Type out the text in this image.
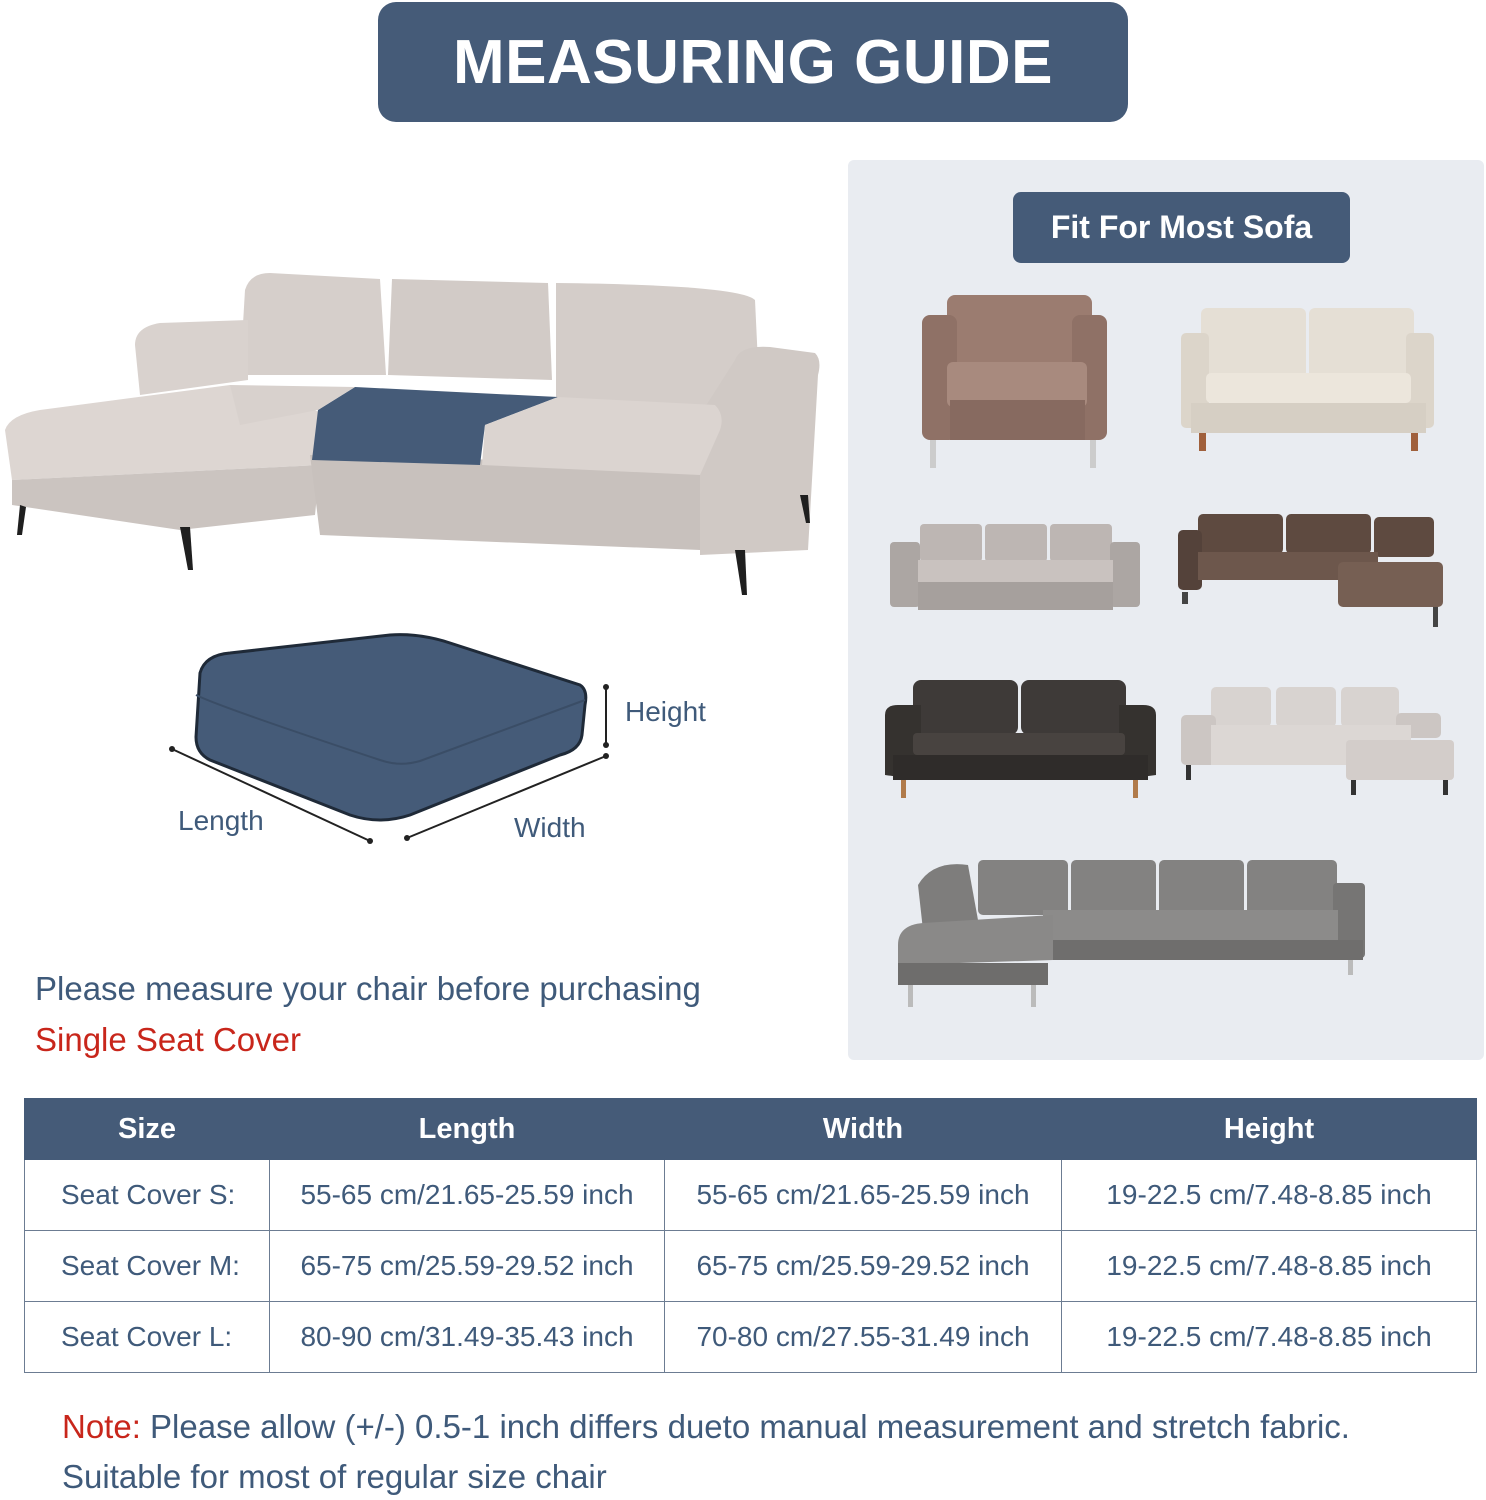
MEASURING GUIDE
Height
Length	Width
Please measure your chair before purchasing
Single Seat Cover
Fit For Most Sofa
Size	Length	Width	Height
Seat Cover S:	55-65 cm/21.65-25.59 inch	55-65 cm/21.65-25.59 inch	19-22.5 cm/7.48-8.85 inch
Seat Cover M:	65-75 cm/25.59-29.52 inch	65-75 cm/25.59-29.52 inch	19-22.5 cm/7.48-8.85 inch
Seat Cover L:	80-90 cm/31.49-35.43 inch	70-80 cm/27.55-31.49 inch	19-22.5 cm/7.48-8.85 inch
Note: Please allow (+/-) 0.5-1 inch differs dueto manual measurement and stretch fabric.
Suitable for most of regular size chair
